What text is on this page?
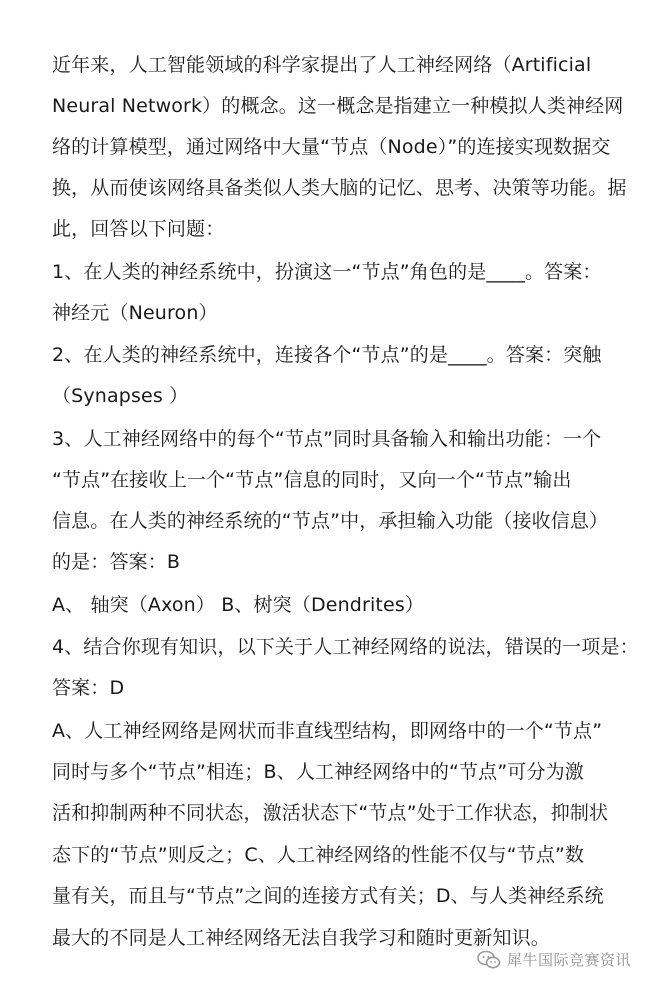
近年来，人工智能领域的科学家提出了人工神经网络（Artificial
Neural Network）的概念。这一概念是指建立一种模拟人类神经网
络的计算模型，通过网络中大量“节点（Node）”的连接实现数据交
换，从而使该网络具备类似人类大脑的记忆、思考、决策等功能。据
此，回答以下问题：
1、在人类的神经系统中，扮演这一“节点”角色的是____。答案：
神经元（Neuron）
2、在人类的神经系统中，连接各个“节点”的是____。答案：突触
（Synapses ）
3、人工神经网络中的每个“节点”同时具备输入和输出功能：一个
“节点”在接收上一个“节点”信息的同时，又向一个“节点”输出
信息。在人类的神经系统的“节点”中，承担输入功能（接收信息）
的是：答案：B
A、 轴突（Axon） B、树突（Dendrites）
4、结合你现有知识，以下关于人工神经网络的说法，错误的一项是：
答案：D
A、人工神经网络是网状而非直线型结构，即网络中的一个“节点”
同时与多个“节点”相连；B、人工神经网络中的“节点”可分为激
活和抑制两种不同状态，激活状态下“节点”处于工作状态，抑制状
态下的“节点”则反之；C、人工神经网络的性能不仅与“节点”数
量有关，而且与“节点”之间的连接方式有关；D、与人类神经系统
最大的不同是人工神经网络无法自我学习和随时更新知识。
犀牛国际竞赛资讯
